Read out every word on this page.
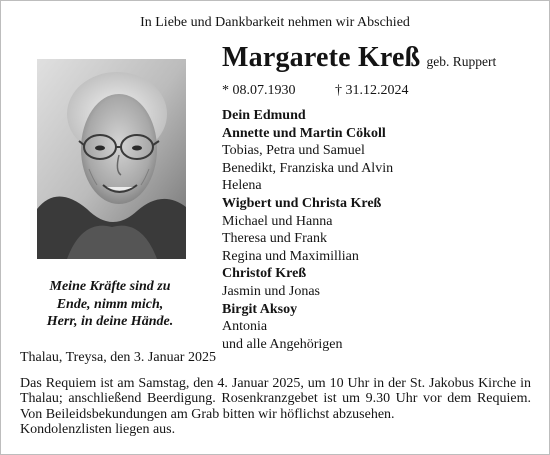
In Liebe und Dankbarkeit nehmen wir Abschied
Meine Kräfte sind zu
Ende, nimm mich,
Herr, in deine Hände.
Margarete Kreß geb. Ruppert
* 08.07.1930	† 31.12.2024
Dein Edmund
Annette und Martin Cökoll
Tobias, Petra und Samuel
Benedikt, Franziska und Alvin
Helena
Wigbert und Christa Kreß
Michael und Hanna
Theresa und Frank
Regina und Maximillian
Christof Kreß
Jasmin und Jonas
Birgit Aksoy
Antonia
und alle Angehörigen
Thalau, Treysa, den 3. Januar 2025
Das Requiem ist am Samstag, den 4. Januar 2025, um 10 Uhr in der St. Jakobus Kirche in
Thalau; anschließend Beerdigung. Rosenkranzgebet ist um 9.30 Uhr vor dem Requiem.
Von Beileidsbekundungen am Grab bitten wir höflichst abzusehen.
Kondolenzlisten liegen aus.
